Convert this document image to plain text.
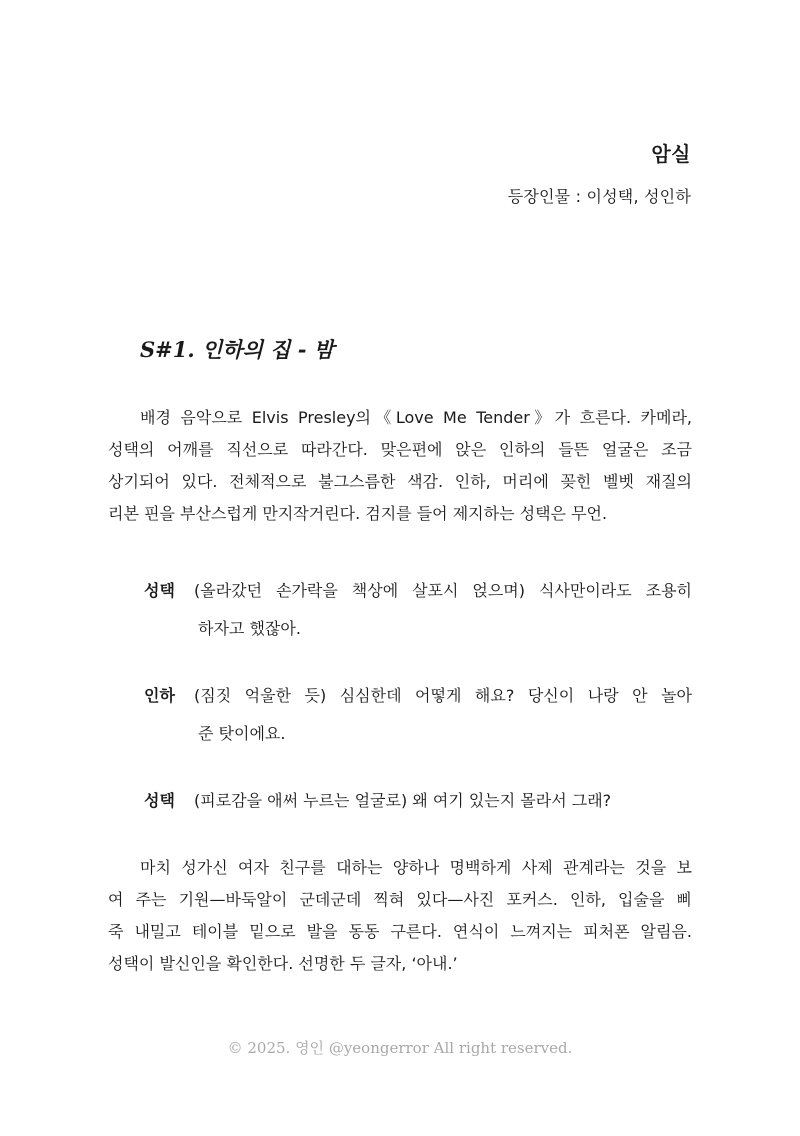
암실
등장인물 : 이성택, 성인하
S#1. 인하의 집 - 밤
배경 음악으로 Elvis Presley의《Love Me Tender》가 흐른다. 카메라,
성택의 어깨를 직선으로 따라간다. 맞은편에 앉은 인하의 들뜬 얼굴은 조금
상기되어 있다. 전체적으로 불그스름한 색감. 인하, 머리에 꽂힌 벨벳 재질의
리본 핀을 부산스럽게 만지작거린다. 검지를 들어 제지하는 성택은 무언.
성택 (올라갔던 손가락을 책상에 살포시 얹으며) 식사만이라도 조용히
하자고 했잖아.
인하 (짐짓 억울한 듯) 심심한데 어떻게 해요? 당신이 나랑 안 놀아
준 탓이에요.
성택 (피로감을 애써 누르는 얼굴로) 왜 여기 있는지 몰라서 그래?
마치 성가신 여자 친구를 대하는 양하나 명백하게 사제 관계라는 것을 보
여 주는 기원—바둑알이 군데군데 찍혀 있다—사진 포커스. 인하, 입술을 삐
죽 내밀고 테이블 밑으로 발을 동동 구른다. 연식이 느껴지는 피처폰 알림음.
성택이 발신인을 확인한다. 선명한 두 글자, ‘아내.’
© 2025. 영인 @yeongerror All right reserved.
